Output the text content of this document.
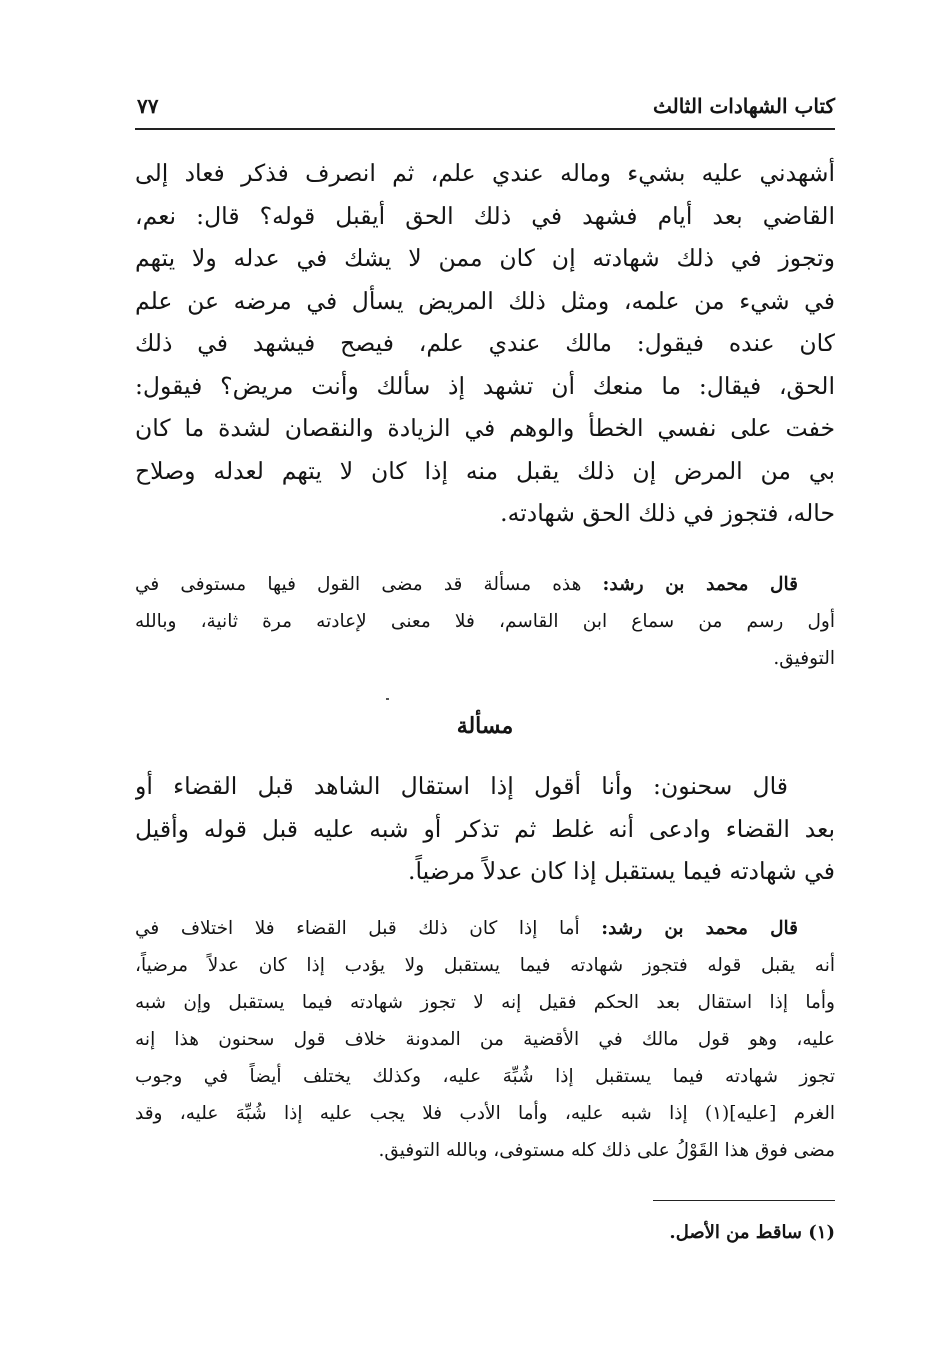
كتاب الشهادات الثالث
٧٧
أشهدني عليه بشيء وماله عندي علم، ثم انصرف فذكر فعاد إلى
القاضي بعد أيام فشهد في ذلك الحق أيقبل قوله؟ قال: نعم،
وتجوز في ذلك شهادته إن كان ممن لا يشك في عدله ولا يتهم
في شيء من علمه، ومثل ذلك المريض يسأل في مرضه عن علم
كان عنده فيقول: مالك عندي علم، فيصح فيشهد في ذلك
الحق، فيقال: ما منعك أن تشهد إذ سألك وأنت مريض؟ فيقول:
خفت على نفسي الخطأ والوهم في الزيادة والنقصان لشدة ما كان
بي من المرض إن ذلك يقبل منه إذا كان لا يتهم لعدله وصلاح
حاله، فتجوز في ذلك الحق شهادته.
  قال محمد بن رشد: هذه مسألة قد مضى القول فيها مستوفى في
أول رسم من سماع ابن القاسم، فلا معنى لإعادته مرة ثانية، وبالله
التوفيق.
مسألة
  قال سحنون: وأنا أقول إذا استقال الشاهد قبل القضاء أو
بعد القضاء وادعى أنه غلط ثم تذكر أو شبه عليه قبل قوله وأقيل
في شهادته فيما يستقبل إذا كان عدلاً مرضياً.
  قال محمد بن رشد: أما إذا كان ذلك قبل القضاء فلا اختلاف في
أنه يقبل قوله فتجوز شهادته فيما يستقبل ولا يؤدب إذا كان عدلاً مرضياً،
وأما إذا استقال بعد الحكم فقيل إنه لا تجوز شهادته فيما يستقبل وإن شبه
عليه، وهو قول مالك في الأقضية من المدونة خلاف قول سحنون هذا إنه
تجوز شهادته فيما يستقبل إذا شُبِّهَ عليه، وكذلك يختلف أيضاً في وجوب
الغرم [عليه](١) إذا شبه عليه، وأما الأدب فلا يجب عليه إذا شُبِّهَ عليه، وقد
مضى فوق هذا القَوْلُ على ذلك كله مستوفى، وبالله التوفيق.
(١) ساقط من الأصل.
